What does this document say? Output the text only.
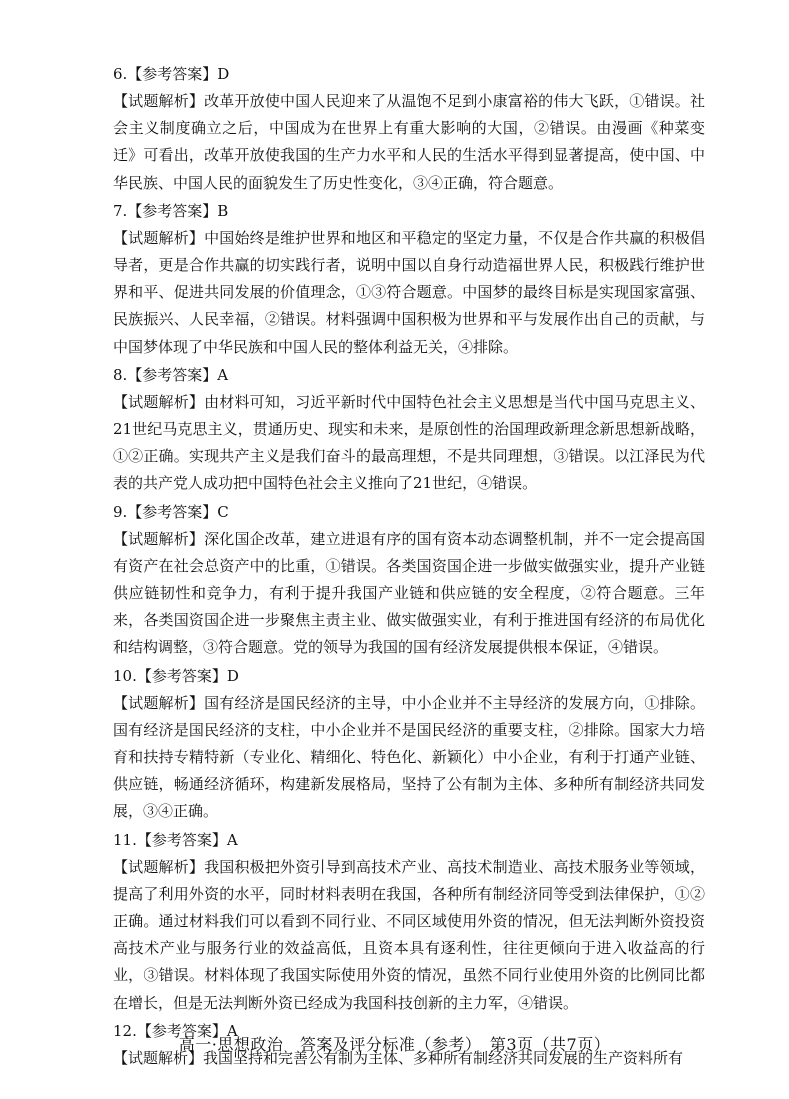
6.【参考答案】D

【试题解析】改革开放使中国人民迎来了从温饱不足到小康富裕的伟大飞跃，①错误。社会主义制度确立之后，中国成为在世界上有重大影响的大国，②错误。由漫画《种菜变迁》可看出，改革开放使我国的生产力水平和人民的生活水平得到显著提高，使中国、中华民族、中国人民的面貌发生了历史性变化，③④正确，符合题意。

7.【参考答案】B

【试题解析】中国始终是维护世界和地区和平稳定的坚定力量，不仅是合作共赢的积极倡导者，更是合作共赢的切实践行者，说明中国以自身行动造福世界人民，积极践行维护世界和平、促进共同发展的价值理念，①③符合题意。中国梦的最终目标是实现国家富强、民族振兴、人民幸福，②错误。材料强调中国积极为世界和平与发展作出自己的贡献，与中国梦体现了中华民族和中国人民的整体利益无关，④排除。

8.【参考答案】A

【试题解析】由材料可知，习近平新时代中国特色社会主义思想是当代中国马克思主义、21世纪马克思主义，贯通历史、现实和未来，是原创性的治国理政新理念新思想新战略，①②正确。实现共产主义是我们奋斗的最高理想，不是共同理想，③错误。以江泽民为代表的共产党人成功把中国特色社会主义推向了21世纪，④错误。

9.【参考答案】C

【试题解析】深化国企改革，建立进退有序的国有资本动态调整机制，并不一定会提高国有资产在社会总资产中的比重，①错误。各类国资国企进一步做实做强实业，提升产业链供应链韧性和竞争力，有利于提升我国产业链和供应链的安全程度，②符合题意。三年来，各类国资国企进一步聚焦主责主业、做实做强实业，有利于推进国有经济的布局优化和结构调整，③符合题意。党的领导为我国的国有经济发展提供根本保证，④错误。

10.【参考答案】D

【试题解析】国有经济是国民经济的主导，中小企业并不主导经济的发展方向，①排除。国有经济是国民经济的支柱，中小企业并不是国民经济的重要支柱，②排除。国家大力培育和扶持专精特新（专业化、精细化、特色化、新颖化）中小企业，有利于打通产业链、供应链，畅通经济循环，构建新发展格局，坚持了公有制为主体、多种所有制经济共同发展，③④正确。

11.【参考答案】A

【试题解析】我国积极把外资引导到高技术产业、高技术制造业、高技术服务业等领域，提高了利用外资的水平，同时材料表明在我国，各种所有制经济同等受到法律保护，①②正确。通过材料我们可以看到不同行业、不同区域使用外资的情况，但无法判断外资投资高技术产业与服务行业的效益高低，且资本具有逐利性，往往更倾向于进入收益高的行业，③错误。材料体现了我国实际使用外资的情况，虽然不同行业使用外资的比例同比都在增长，但是无法判断外资已经成为我国科技创新的主力军，④错误。

12.【参考答案】A

【试题解析】我国坚持和完善公有制为主体、多种所有制经济共同发展的生产资料所有

高一·思想政治　答案及评分标准（参考）　第3页（共7页）
